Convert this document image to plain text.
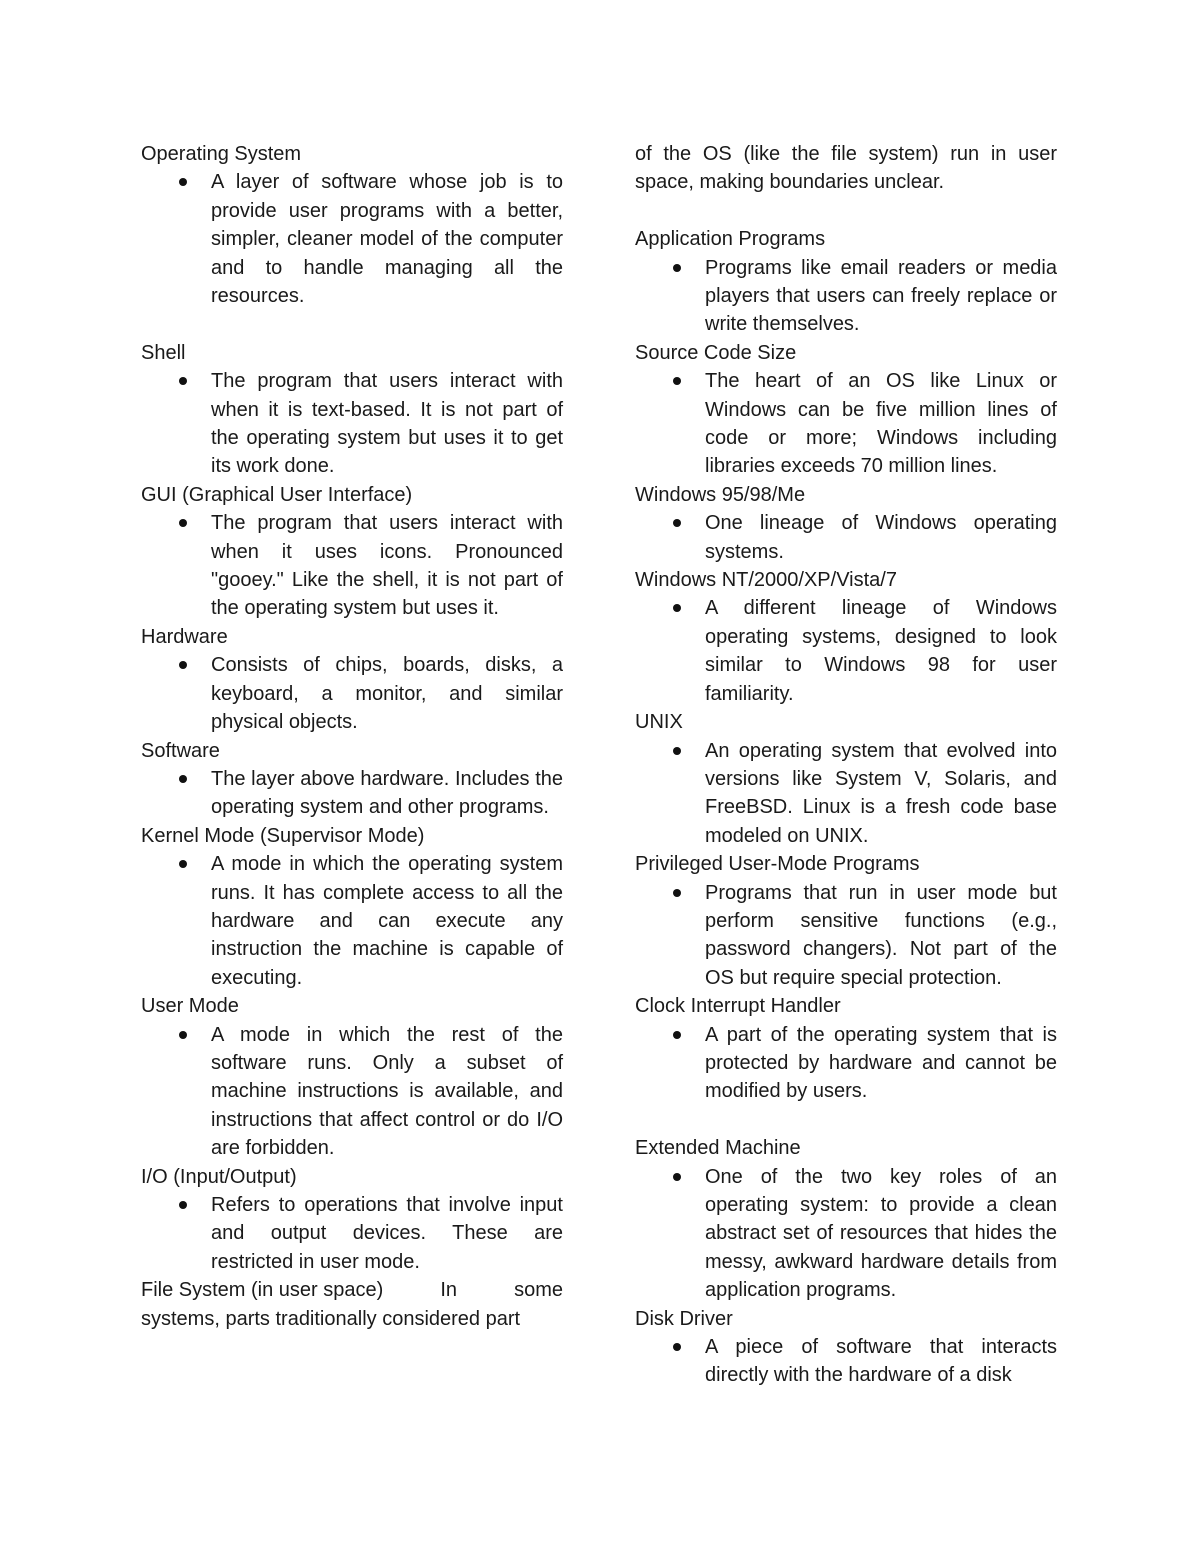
Operating System

A layer of software whose job is to provide user programs with a better, simpler, cleaner model of the computer and to handle managing all the resources.

Shell

The program that users interact with when it is text-based. It is not part of the operating system but uses it to get its work done.

GUI (Graphical User Interface)

The program that users interact with when it uses icons. Pronounced "gooey." Like the shell, it is not part of the operating system but uses it.

Hardware

Consists of chips, boards, disks, a keyboard, a monitor, and similar physical objects.

Software

The layer above hardware. Includes the operating system and other programs.

Kernel Mode (Supervisor Mode)

A mode in which the operating system runs. It has complete access to all the hardware and can execute any instruction the machine is capable of executing.

User Mode

A mode in which the rest of the software runs. Only a subset of machine instructions is available, and instructions that affect control or do I/O are forbidden.

I/O (Input/Output)

Refers to operations that involve input and output devices. These are restricted in user mode.
File System (in user space)	In	some

systems, parts traditionally considered part

of the OS (like the file system) run in user space, making boundaries unclear.

Application Programs

Programs like email readers or media players that users can freely replace or write themselves.

Source Code Size

The heart of an OS like Linux or Windows can be five million lines of code or more; Windows including libraries exceeds 70 million lines.

Windows 95/98/Me

One lineage of Windows operating systems.

Windows NT/2000/XP/Vista/7

A different lineage of Windows operating systems, designed to look similar to Windows 98 for user familiarity.

UNIX

An operating system that evolved into versions like System V, Solaris, and FreeBSD. Linux is a fresh code base modeled on UNIX.

Privileged User-Mode Programs

Programs that run in user mode but perform sensitive functions (e.g., password changers). Not part of the OS but require special protection.

Clock Interrupt Handler

A part of the operating system that is protected by hardware and cannot be modified by users.

Extended Machine

One of the two key roles of an operating system: to provide a clean abstract set of resources that hides the messy, awkward hardware details from application programs.

Disk Driver

A piece of software that interacts directly with the hardware of a disk
